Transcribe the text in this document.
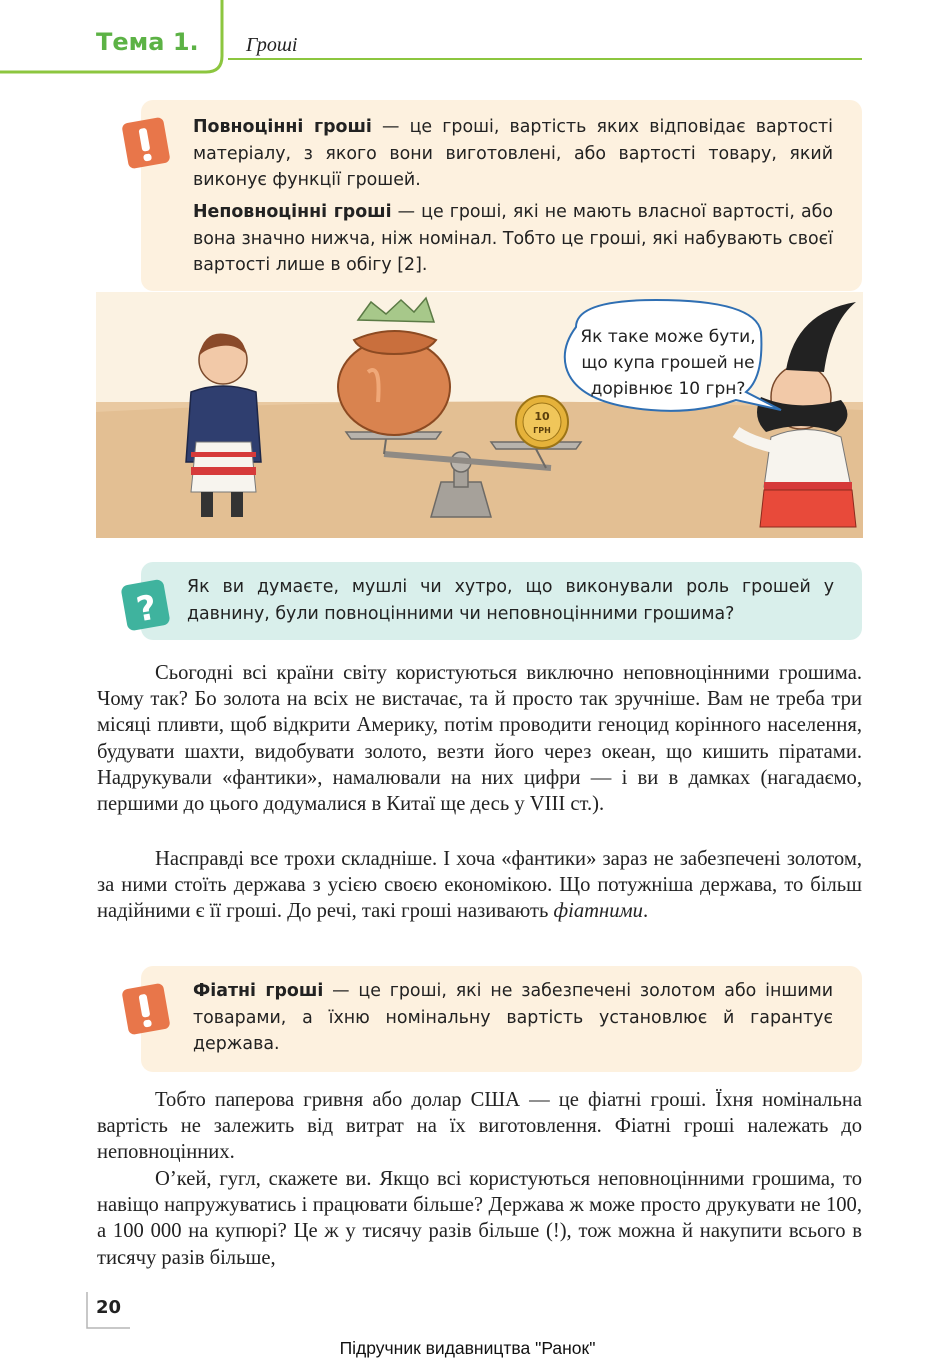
Тема 1. Гроші

Повноцінні гроші — це гроші, вартість яких відповідає вартості матеріалу, з якого вони виготовлені, або вартості товару, який виконує функції грошей.

Неповноцінні гроші — це гроші, які не мають власної вартості, або вона значно нижча, ніж номінал. Тобто це гроші, які набувають своєї вартості лише в обігу [2].

10
ГРН
Як таке може бути,
що купа грошей не
дорівнює 10 грн?

Як ви думаєте, мушлі чи хутро, що виконували роль грошей у давнину, були повноцінними чи неповноцінними грошима?

?
Сьогодні всі країни світу користуються виключно неповноцінними грошима. Чому так? Бо золота на всіх не вистачає, та й просто так зручніше. Вам не треба три місяці пливти, щоб відкрити Америку, потім проводити геноцид корінного населення, будувати шахти, видобувати золото, везти його через океан, що кишить піратами. Надрукували «фантики», намалювали на них цифри — і ви в дамках (нагадаємо, першими до цього додумалися в Китаї ще десь у VIII ст.).
Насправді все трохи складніше. І хоча «фантики» зараз не забезпечені золотом, за ними стоїть держава з усією своєю економікою. Що потужніша держава, то більш надійними є її гроші. До речі, такі гроші називають фіатними.

Фіатні гроші — це гроші, які не забезпечені золотом або іншими товарами, а їхню номінальну вартість установлює й гарантує держава.

Тобто паперова гривня або долар США — це фіатні гроші. Їхня номінальна вартість не залежить від витрат на їх виготовлення. Фіатні гроші належать до неповноцінних.
О’кей, гугл, скажете ви. Якщо всі користуються неповноцінними грошима, то навіщо напружуватись і працювати більше? Держава ж може просто друкувати не 100, а 100 000 на купюрі? Це ж у тисячу разів більше (!), тож можна й накупити всього в тисячу разів більше,
20
Підручник видавництва "Ранок"
